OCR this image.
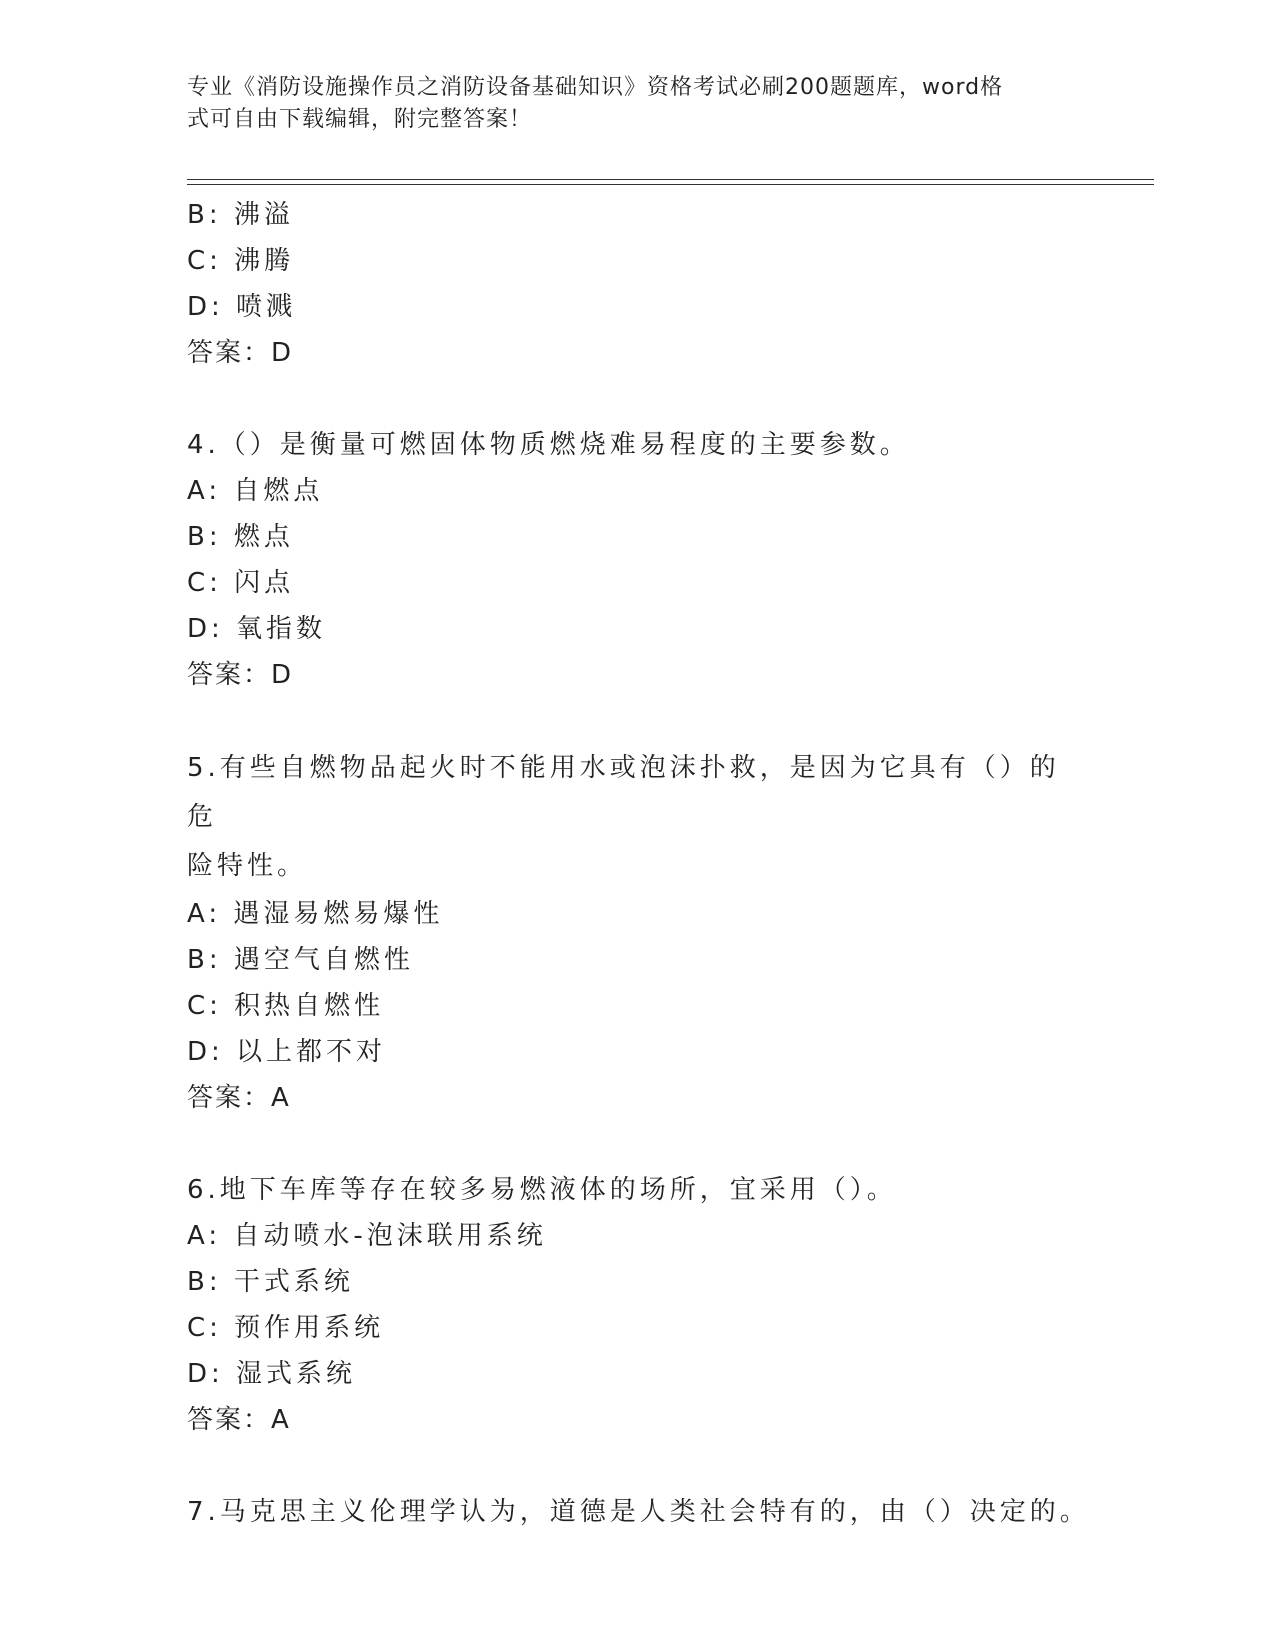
专业《消防设施操作员之消防设备基础知识》资格考试必刷200题题库，word格
式可自由下载编辑，附完整答案！
B: 沸溢
C: 沸腾
D: 喷溅
答案：D
4.（）是衡量可燃固体物质燃烧难易程度的主要参数。
A: 自燃点
B: 燃点
C: 闪点
D: 氧指数
答案：D
5.有些自燃物品起火时不能用水或泡沫扑救，是因为它具有（）的危
险特性。
A: 遇湿易燃易爆性
B: 遇空气自燃性
C: 积热自燃性
D: 以上都不对
答案：A
6.地下车库等存在较多易燃液体的场所，宜采用（）。
A: 自动喷水-泡沫联用系统
B: 干式系统
C: 预作用系统
D: 湿式系统
答案：A
7.马克思主义伦理学认为，道德是人类社会特有的，由（）决定的。
